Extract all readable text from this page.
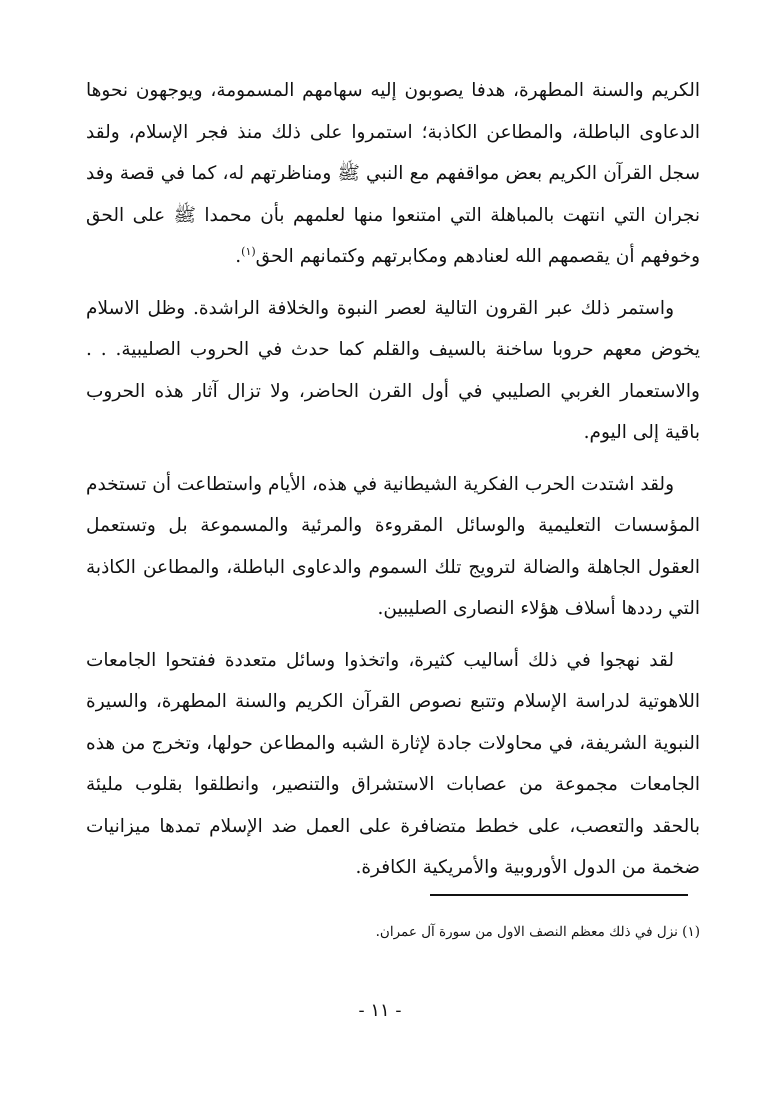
الكريم والسنة المطهرة، هدفا يصوبون إليه سهامهم المسمومة، ويوجهون نحوها الدعاوى الباطلة، والمطاعن الكاذبة؛ استمروا على ذلك منذ فجر الإسلام، ولقد سجل القرآن الكريم بعض مواقفهم مع النبي ﷺ ومناظرتهم له، كما في قصة وفد نجران التي انتهت بالمباهلة التي امتنعوا منها لعلمهم بأن محمدا ﷺ على الحق وخوفهم أن يقصمهم الله لعنادهم ومكابرتهم وكتمانهم الحق$^{(١)}$.

واستمر ذلك عبر القرون التالية لعصر النبوة والخلافة الراشدة. وظل الاسلام يخوض معهم حروبا ساخنة بالسيف والقلم كما حدث في الحروب الصليبية. . . والاستعمار الغربي الصليبي في أول القرن الحاضر، ولا تزال آثار هذه الحروب باقية إلى اليوم.

ولقد اشتدت الحرب الفكرية الشيطانية في هذه، الأيام واستطاعت أن تستخدم المؤسسات التعليمية والوسائل المقروءة والمرئية والمسموعة بل وتستعمل العقول الجاهلة والضالة لترويج تلك السموم والدعاوى الباطلة، والمطاعن الكاذبة التي رددها أسلاف هؤلاء النصارى الصليبين.

لقد نهجوا في ذلك أساليب كثيرة، واتخذوا وسائل متعددة ففتحوا الجامعات اللاهوتية لدراسة الإسلام وتتبع نصوص القرآن الكريم والسنة المطهرة، والسيرة النبوية الشريفة، في محاولات جادة لإثارة الشبه والمطاعن حولها، وتخرج من هذه الجامعات مجموعة من عصابات الاستشراق والتنصير، وانطلقوا بقلوب مليئة بالحقد والتعصب، على خطط متضافرة على العمل ضد الإسلام تمدها ميزانيات ضخمة من الدول الأوروبية والأمريكية الكافرة.

(١) نزل في ذلك معظم النصف الاول من سورة آل عمران.
- ١١ -
